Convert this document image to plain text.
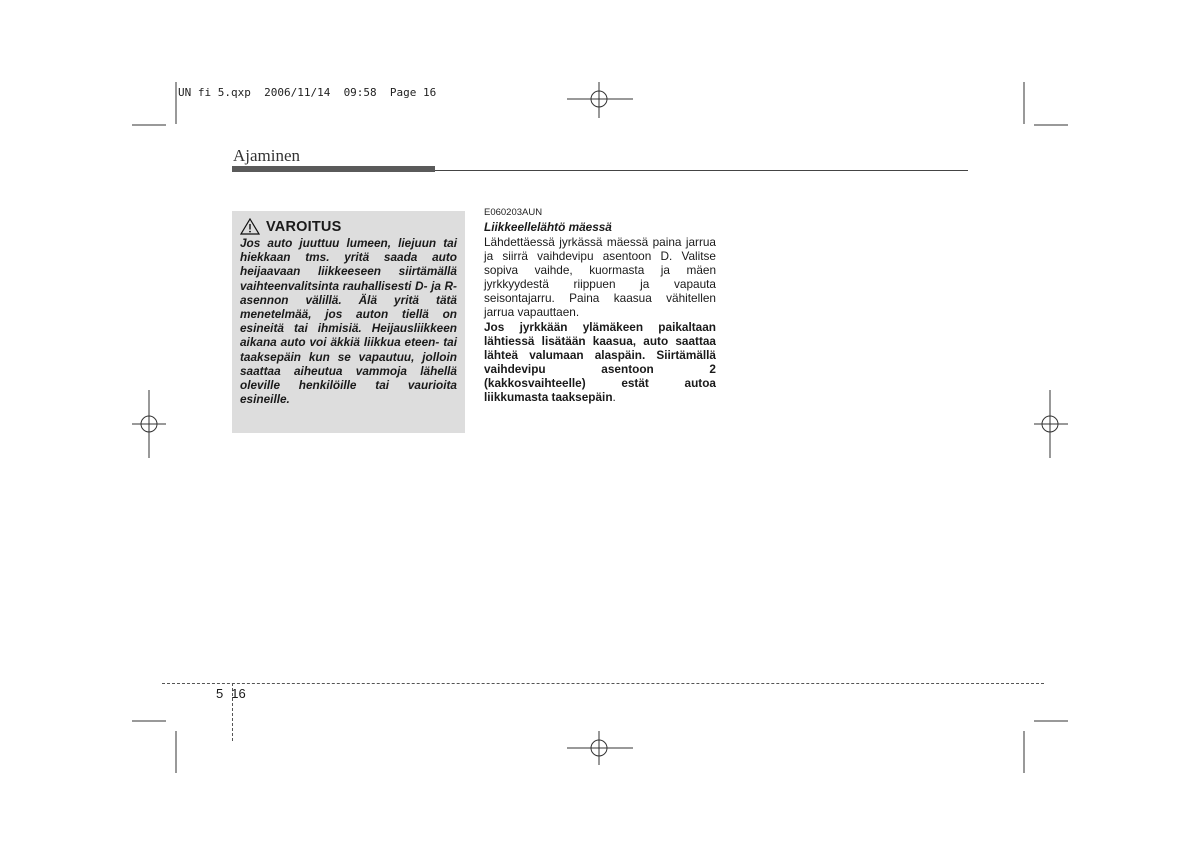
UN fi 5.qxp  2006/11/14  09:58  Page 16
Ajaminen
VAROITUS

Jos auto juuttuu lumeen, liejuun tai hiekkaan tms. yritä saada auto heijaavaan liikkeeseen siirtämällä vaihteenvalitsinta rauhallisesti D- ja R-asennon välillä. Älä yritä tätä menetelmää, jos auton tiellä on esineitä tai ihmisiä. Heijausliikkeen aikana auto voi äkkiä liikkua eteen- tai taaksepäin kun se vapautuu, jolloin saattaa aiheutua vammoja lähellä oleville henkilöille tai vaurioita esineille.

E060203AUN

Liikkeellelähtö mäessä

Lähdettäessä jyrkässä mäessä paina jarrua ja siirrä vaihdevipu asentoon D. Valitse sopiva vaihde, kuormasta ja mäen jyrkkyydestä riippuen ja vapauta seisontajarru. Paina kaasua vähitellen jarrua vapauttaen.

Jos jyrkkään ylämäkeen paikaltaan lähtiessä lisätään kaasua, auto saattaa lähteä valumaan alaspäin. Siirtämällä vaihdevipu asentoon 2 (kakkosvaihteelle) estät autoa liikkumasta taaksepäin.

5 16
